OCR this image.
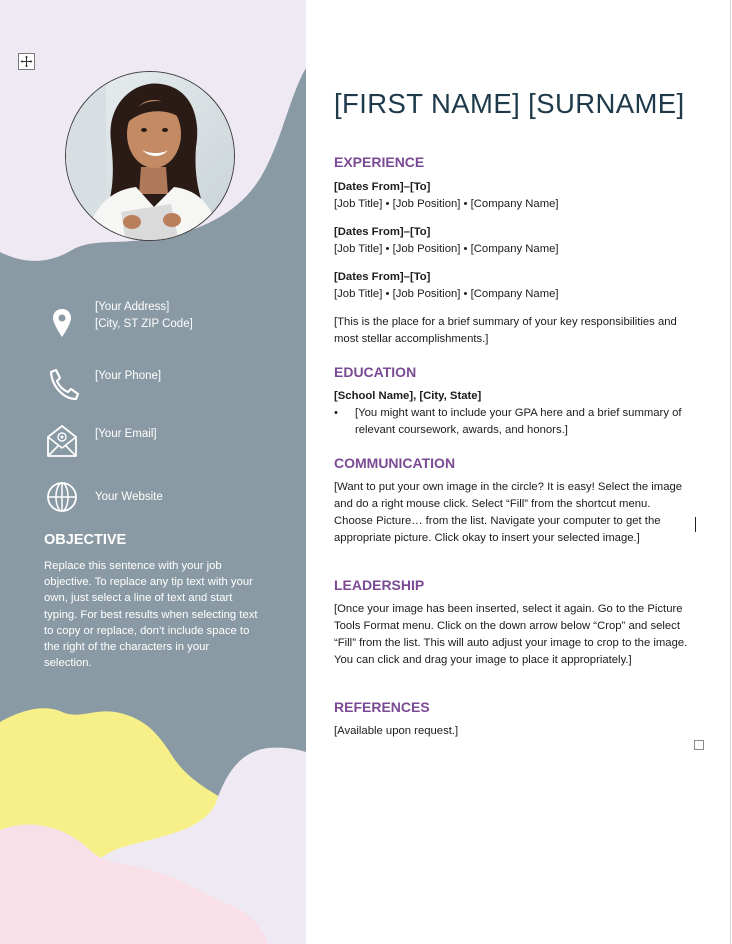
[Your Address]
[City, ST ZIP Code]
[Your Phone]
[Your Email]
Your Website
OBJECTIVE
Replace this sentence with your job objective. To replace any tip text with your own, just select a line of text and start typing. For best results when selecting text to copy or replace, don’t include space to the right of the characters in your selection.
[FIRST NAME] [SURNAME]
EXPERIENCE
[Dates From]–[To]
[Job Title] • [Job Position] • [Company Name]
[Dates From]–[To]
[Job Title] • [Job Position] • [Company Name]
[Dates From]–[To]
[Job Title] • [Job Position] • [Company Name]
[This is the place for a brief summary of your key responsibilities and most stellar accomplishments.]
EDUCATION
[School Name], [City, State]
• [You might want to include your GPA here and a brief summary of relevant coursework, awards, and honors.]
COMMUNICATION
[Want to put your own image in the circle? It is easy! Select the image and do a right mouse click. Select “Fill” from the shortcut menu. Choose Picture… from the list. Navigate your computer to get the appropriate picture. Click okay to insert your selected image.]
LEADERSHIP
[Once your image has been inserted, select it again. Go to the Picture Tools Format menu. Click on the down arrow below “Crop” and select “Fill” from the list. This will auto adjust your image to crop to the image. You can click and drag your image to place it appropriately.]
REFERENCES
[Available upon request.]
